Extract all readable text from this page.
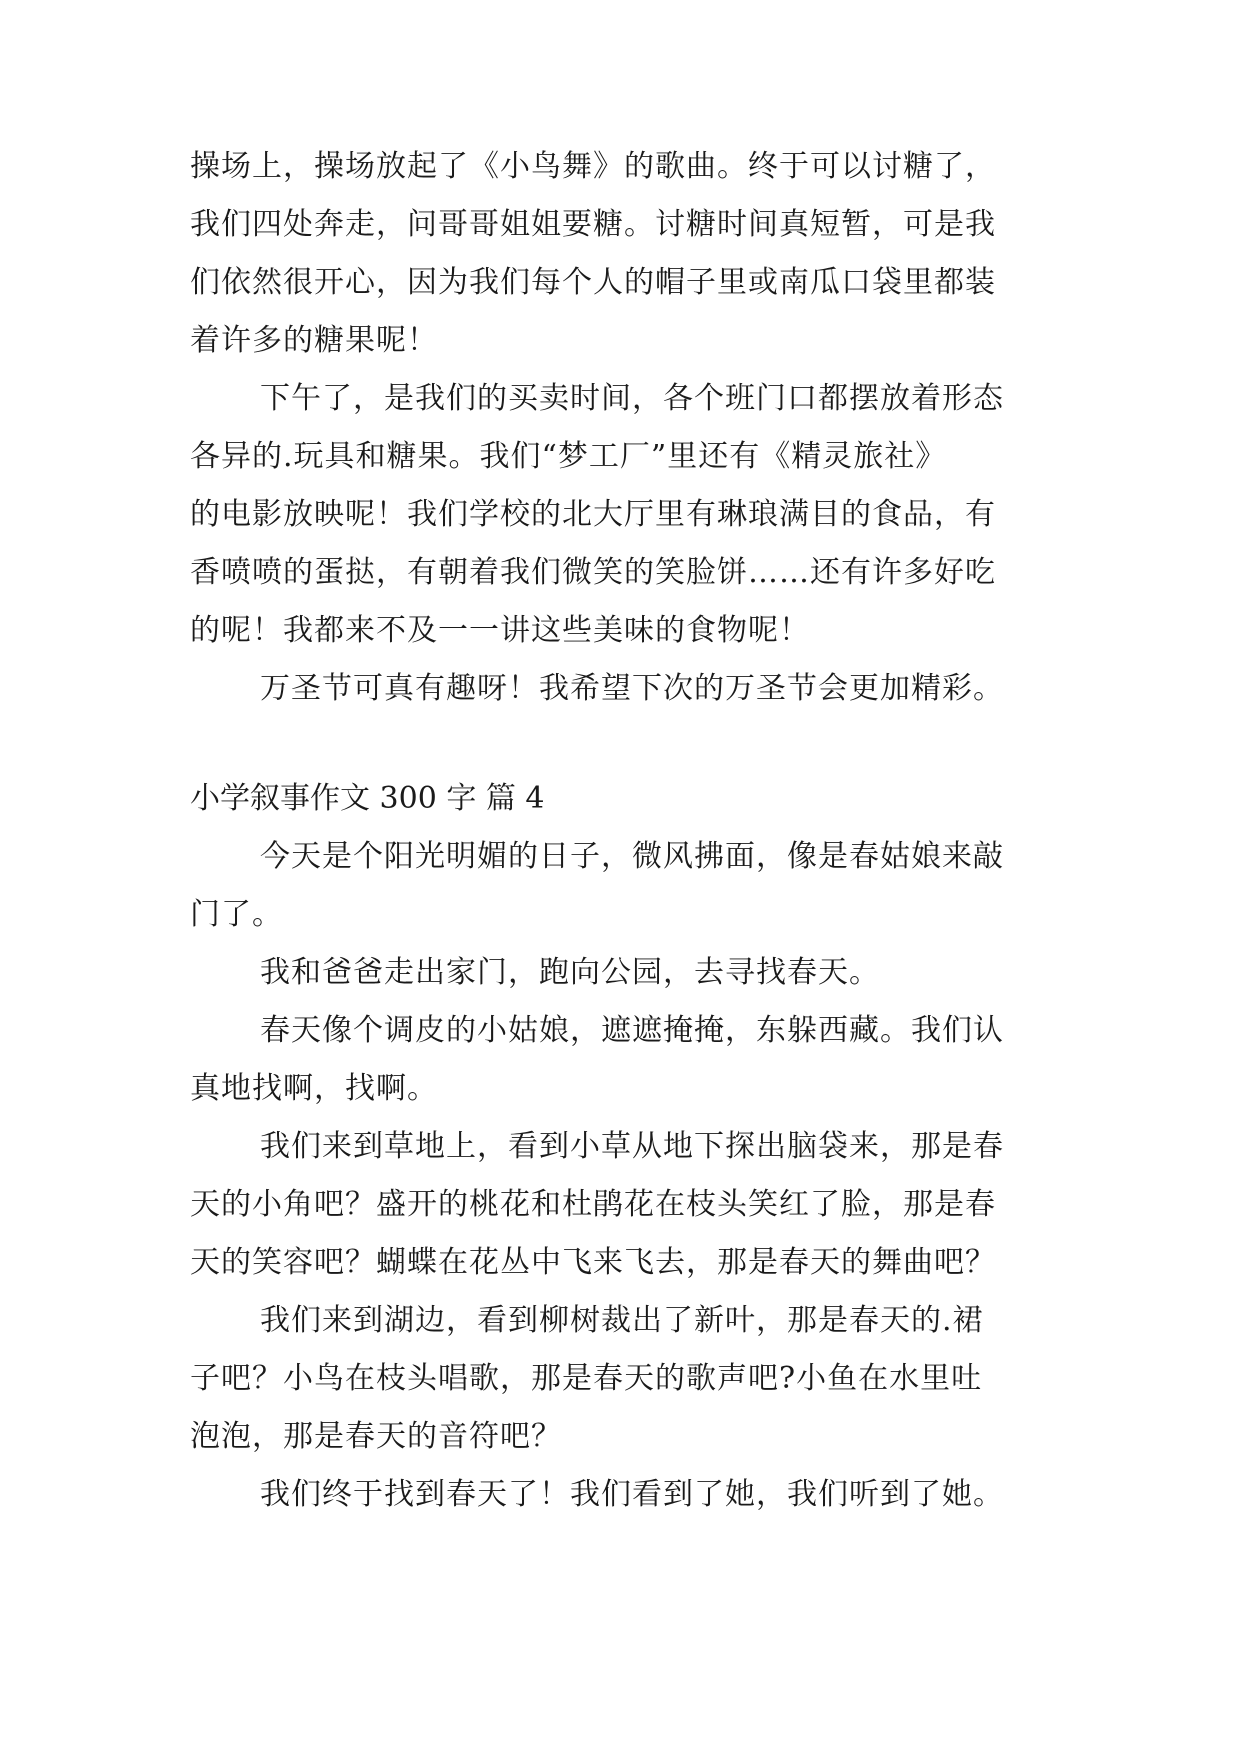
操场上，操场放起了《小鸟舞》的歌曲。终于可以讨糖了，
我们四处奔走，问哥哥姐姐要糖。讨糖时间真短暂，可是我
们依然很开心，因为我们每个人的帽子里或南瓜口袋里都装
着许多的糖果呢！
下午了，是我们的买卖时间，各个班门口都摆放着形态
各异的.玩具和糖果。我们“梦工厂”里还有《精灵旅社》
的电影放映呢！我们学校的北大厅里有琳琅满目的食品，有
香喷喷的蛋挞，有朝着我们微笑的笑脸饼……还有许多好吃
的呢！我都来不及一一讲这些美味的食物呢！
万圣节可真有趣呀！我希望下次的万圣节会更加精彩。
小学叙事作文 300 字 篇 4
今天是个阳光明媚的日子，微风拂面，像是春姑娘来敲
门了。
我和爸爸走出家门，跑向公园，去寻找春天。
春天像个调皮的小姑娘，遮遮掩掩，东躲西藏。我们认
真地找啊，找啊。
我们来到草地上，看到小草从地下探出脑袋来，那是春
天的小角吧？盛开的桃花和杜鹃花在枝头笑红了脸，那是春
天的笑容吧？蝴蝶在花丛中飞来飞去，那是春天的舞曲吧？
我们来到湖边，看到柳树裁出了新叶，那是春天的.裙
子吧？小鸟在枝头唱歌，那是春天的歌声吧?小鱼在水里吐
泡泡，那是春天的音符吧？
我们终于找到春天了！我们看到了她，我们听到了她。
